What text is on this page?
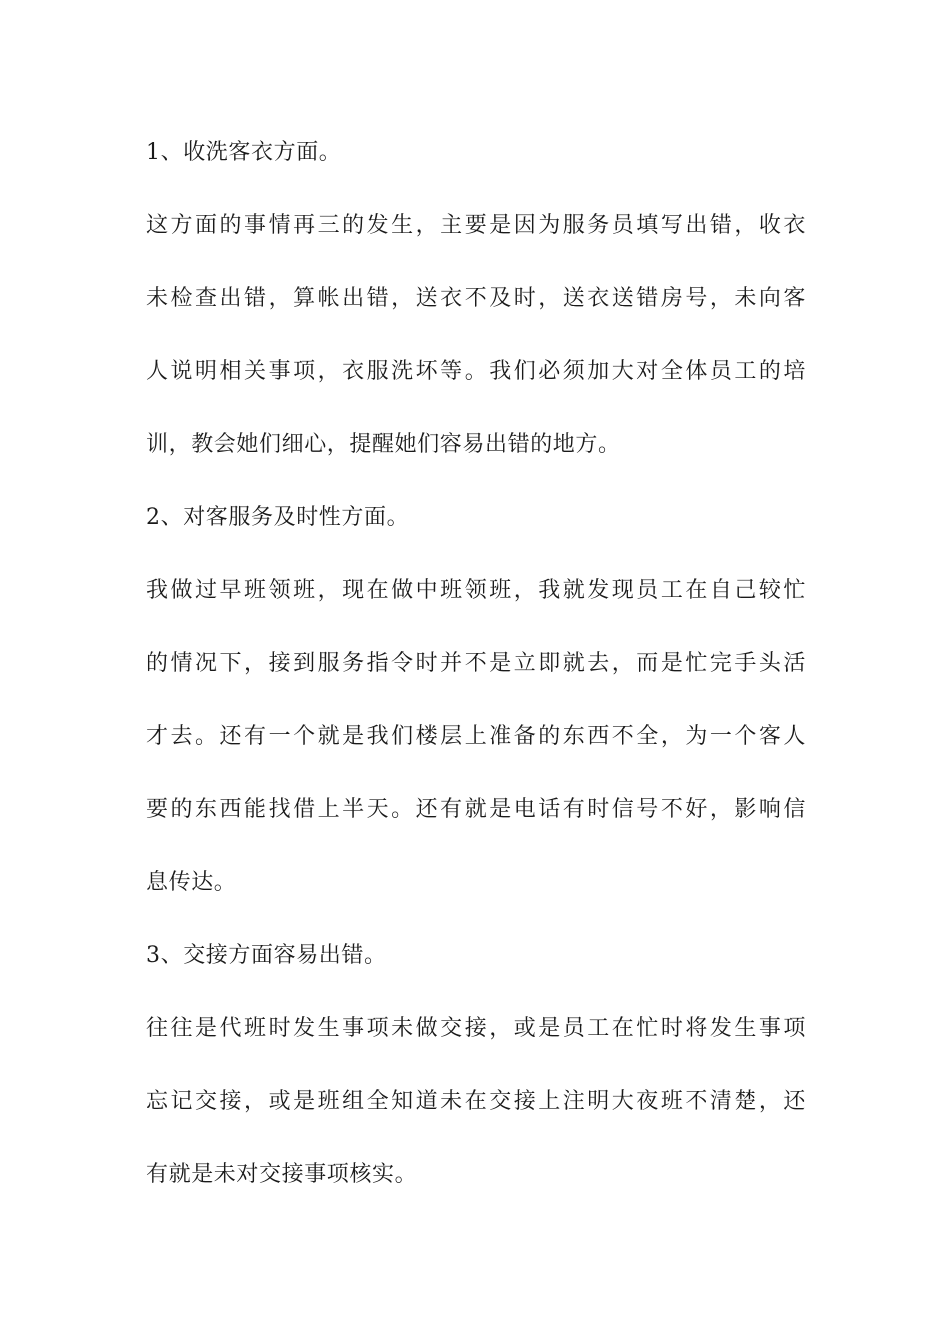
1、收洗客衣方面。
这方面的事情再三的发生，主要是因为服务员填写出错，收衣
未检查出错，算帐出错，送衣不及时，送衣送错房号，未向客
人说明相关事项，衣服洗坏等。我们必须加大对全体员工的培
训，教会她们细心，提醒她们容易出错的地方。
2、对客服务及时性方面。
我做过早班领班，现在做中班领班，我就发现员工在自己较忙
的情况下，接到服务指令时并不是立即就去，而是忙完手头活
才去。还有一个就是我们楼层上准备的东西不全，为一个客人
要的东西能找借上半天。还有就是电话有时信号不好，影响信
息传达。
3、交接方面容易出错。
往往是代班时发生事项未做交接，或是员工在忙时将发生事项
忘记交接，或是班组全知道未在交接上注明大夜班不清楚，还
有就是未对交接事项核实。
